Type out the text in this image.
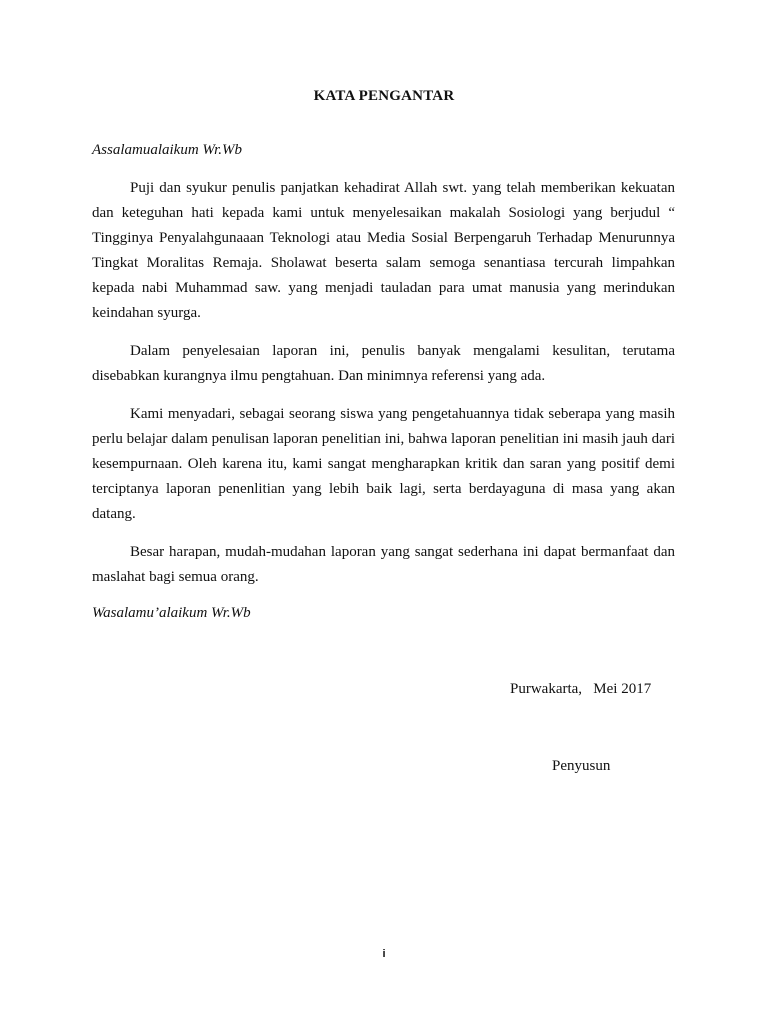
KATA PENGANTAR
Assalamualaikum Wr.Wb

Puji dan syukur penulis panjatkan kehadirat Allah swt. yang telah memberikan kekuatan dan keteguhan hati kepada kami untuk menyelesaikan makalah Sosiologi yang berjudul “ Tingginya Penyalahgunaaan Teknologi atau Media Sosial Berpengaruh Terhadap Menurunnya Tingkat Moralitas Remaja. Sholawat beserta salam semoga senantiasa tercurah limpahkan kepada nabi Muhammad saw. yang menjadi tauladan para umat manusia yang merindukan keindahan syurga.

Dalam penyelesaian laporan ini, penulis banyak mengalami kesulitan, terutama disebabkan kurangnya ilmu pengtahuan. Dan minimnya referensi yang ada.

Kami menyadari, sebagai seorang siswa yang pengetahuannya tidak seberapa yang masih perlu belajar dalam penulisan laporan penelitian ini, bahwa laporan penelitian ini masih jauh dari kesempurnaan. Oleh karena itu, kami sangat mengharapkan kritik dan saran yang positif demi terciptanya laporan penenlitian yang lebih baik lagi, serta berdayaguna di masa yang akan datang.

Besar harapan, mudah-mudahan laporan yang sangat sederhana ini dapat bermanfaat dan maslahat bagi semua orang.

Wasalamu’alaikum Wr.Wb
Purwakarta,   Mei 2017
Penyusun
i
